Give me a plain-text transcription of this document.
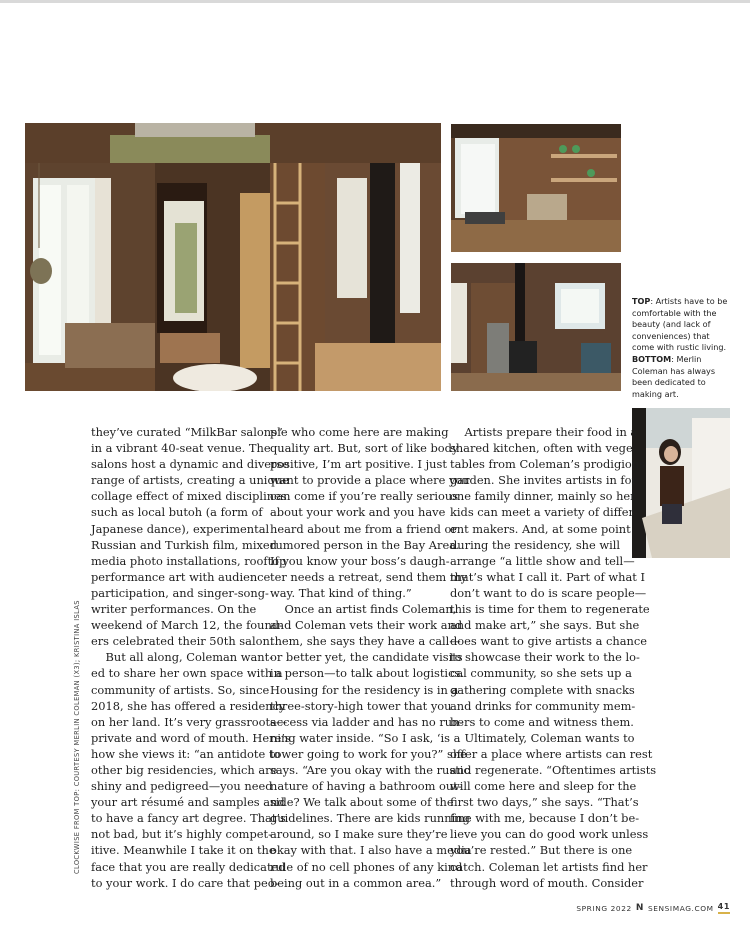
TOP: Artists have to be comfortable with the beauty (and lack of conveniences) that come with rustic living. BOTTOM: Merlin Coleman has always been dedicated to making art.
CLOCKWISE FROM TOP: COURTESY MERLIN COLEMAN (X3); KRISTINA ISLAS

they’ve curated “MilkBar salons”

in a vibrant 40-seat venue. The

salons host a dynamic and diverse

range of artists, creating a unique

collage effect of mixed disciplines

such as local butoh (a form of

Japanese dance), experimental

Russian and Turkish film, mixed

media photo installations, rooftop

performance art with audience

participation, and singer-song-

writer performances. On the

weekend of March 12, the found-

ers celebrated their 50th salon.

But all along, Coleman want-

ed to share her own space with a

community of artists. So, since

2018, she has offered a residency

on her land. It’s very grassroots—

private and word of mouth. Here’s

how she views it: “an antidote to

other big residencies, which are

shiny and pedigreed—you need

your art résumé and samples and

to have a fancy art degree. That’s

not bad, but it’s highly compet-

itive. Meanwhile I take it on the

face that you are really dedicated

to your work. I do care that peo-

ple who come here are making

quality art. But, sort of like body

positive, I’m art positive. I just

want to provide a place where you

can come if you’re really serious

about your work and you have

heard about me from a friend or

rumored person in the Bay Area.

If you know your boss’s daugh-

ter needs a retreat, send them my

way. That kind of thing.”

Once an artist finds Coleman,

and Coleman vets their work and

them, she says they have a call—

or better yet, the candidate visits

in person—to talk about logistics.

Housing for the residency is in a

three-story-high tower that you

access via ladder and has no run-

ning water inside. “So I ask, ‘is a

tower going to work for you?” she

says. “Are you okay with the rustic

nature of having a bathroom out-

side? We talk about some of the

guidelines. There are kids running

around, so I make sure they’re

okay with that. I also have a media

rule of no cell phones of any kind

being out in a common area.”

Artists prepare their food in a

shared kitchen, often with vege-

tables from Coleman’s prodigious

garden. She invites artists in for

one family dinner, mainly so her

kids can meet a variety of differ-

ent makers. And, at some point

during the residency, she will

arrange “a little show and tell—

that’s what I call it. Part of what I

don’t want to do is scare people—

this is time for them to regenerate

and make art,” she says. But she

does want to give artists a chance

to showcase their work to the lo-

cal community, so she sets up a

gathering complete with snacks

and drinks for community mem-

bers to come and witness them.

Ultimately, Coleman wants to

offer a place where artists can rest

and regenerate. “Oftentimes artists

will come here and sleep for the

first two days,” she says. “That’s

fine with me, because I don’t be-

lieve you can do good work unless

you’re rested.” But there is one

catch. Coleman let artists find her

through word of mouth. Consider

SPRING 2022 N SENSIMAG.COM 41
